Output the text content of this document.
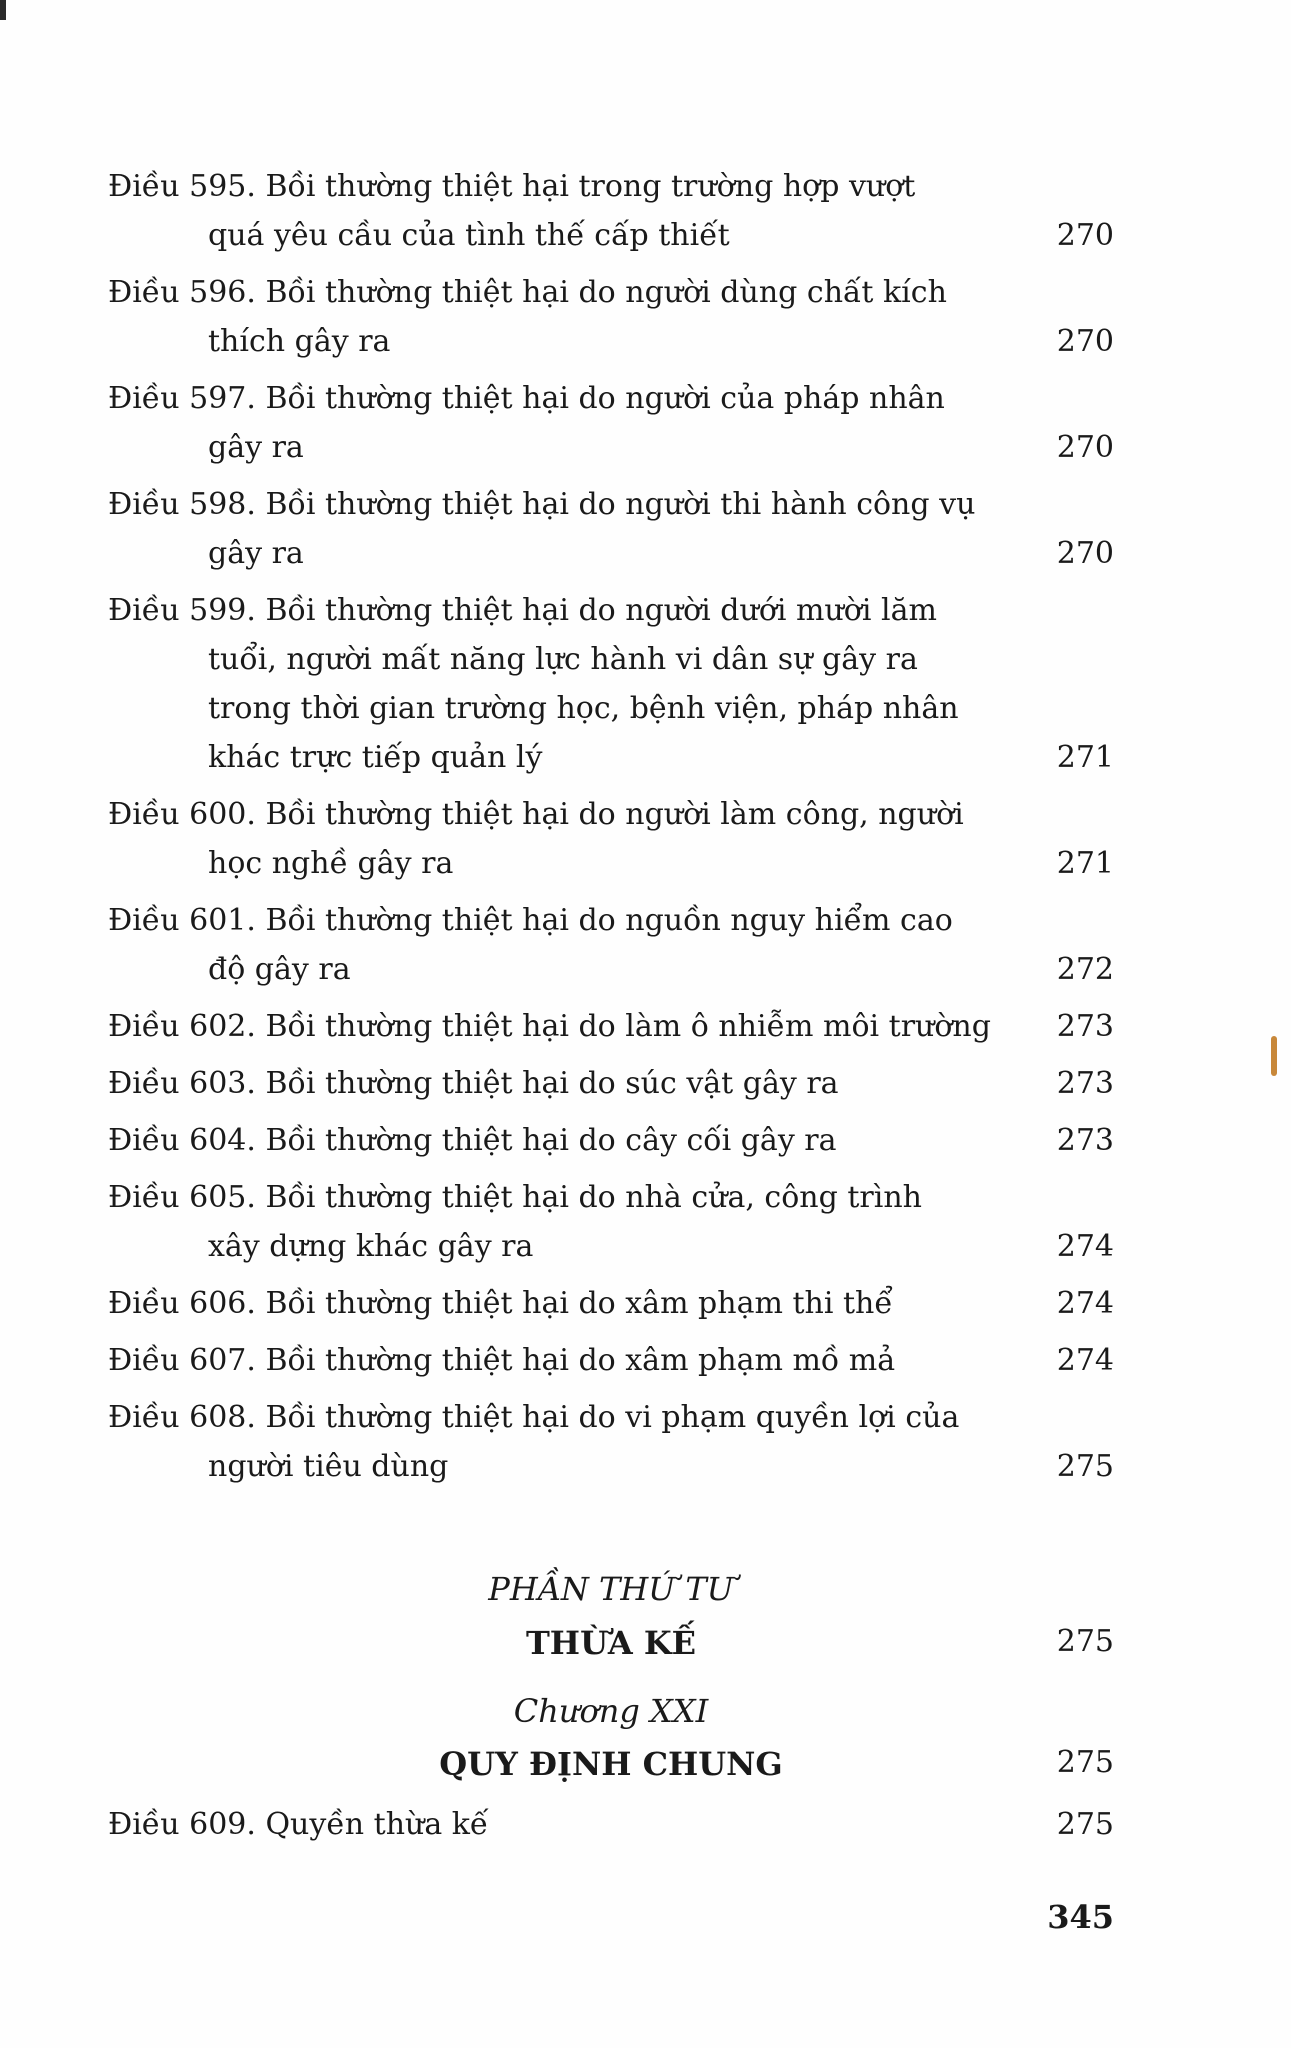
Điều 595. Bồi thường thiệt hại trong trường hợp vượt
quá yêu cầu của tình thế cấp thiết	270
Điều 596. Bồi thường thiệt hại do người dùng chất kích
thích gây ra	270
Điều 597. Bồi thường thiệt hại do người của pháp nhân
gây ra	270
Điều 598. Bồi thường thiệt hại do người thi hành công vụ
gây ra	270
Điều 599. Bồi thường thiệt hại do người dưới mười lăm
tuổi, người mất năng lực hành vi dân sự gây ra
trong thời gian trường học, bệnh viện, pháp nhân
khác trực tiếp quản lý	271
Điều 600. Bồi thường thiệt hại do người làm công, người
học nghề gây ra	271
Điều 601. Bồi thường thiệt hại do nguồn nguy hiểm cao
độ gây ra	272
Điều 602. Bồi thường thiệt hại do làm ô nhiễm môi trường	273
Điều 603. Bồi thường thiệt hại do súc vật gây ra	273
Điều 604. Bồi thường thiệt hại do cây cối gây ra	273
Điều 605. Bồi thường thiệt hại do nhà cửa, công trình
xây dựng khác gây ra	274
Điều 606. Bồi thường thiệt hại do xâm phạm thi thể	274
Điều 607. Bồi thường thiệt hại do xâm phạm mồ mả	274
Điều 608. Bồi thường thiệt hại do vi phạm quyền lợi của
người tiêu dùng	275
PHẦN THỨ TƯ
THỪA KẾ	275
Chương XXI
QUY ĐỊNH CHUNG	275
Điều 609. Quyền thừa kế	275
345
